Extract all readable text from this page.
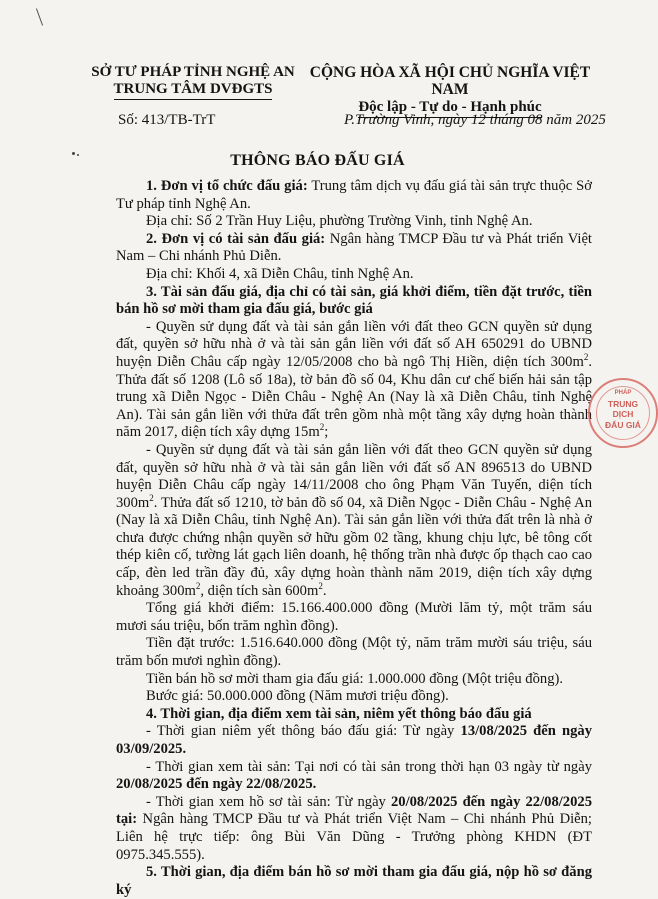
SỞ TƯ PHÁP TỈNH NGHỆ AN
TRUNG TÂM DVĐGTS
CỘNG HÒA XÃ HỘI CHỦ NGHĨA VIỆT NAM
Độc lập - Tự do - Hạnh phúc
Số: 413/TB-TrT	P.Trường Vinh, ngày 12 tháng 08 năm 2025
THÔNG BÁO ĐẤU GIÁ

1. Đơn vị tổ chức đấu giá: Trung tâm dịch vụ đấu giá tài sản trực thuộc Sở Tư pháp tỉnh Nghệ An.

Địa chỉ: Số 2 Trần Huy Liệu, phường Trường Vinh, tỉnh Nghệ An.

2. Đơn vị có tài sản đấu giá: Ngân hàng TMCP Đầu tư và Phát triển Việt Nam – Chi nhánh Phủ Diễn.

Địa chỉ: Khối 4, xã Diễn Châu, tỉnh Nghệ An.

3. Tài sản đấu giá, địa chỉ có tài sản, giá khởi điểm, tiền đặt trước, tiền bán hồ sơ mời tham gia đấu giá, bước giá

- Quyền sử dụng đất và tài sản gắn liền với đất theo GCN quyền sử dụng đất, quyền sở hữu nhà ở và tài sản gắn liền với đất số AH 650291 do UBND huyện Diễn Châu cấp ngày 12/05/2008 cho bà ngô Thị Hiền, diện tích $300m^2$. Thửa đất số 1208 (Lô số 18a), tờ bản đồ số 04, Khu dân cư chế biến hải sản tập trung xã Diễn Ngọc - Diễn Châu - Nghệ An (Nay là xã Diễn Châu, tỉnh Nghệ An). Tài sản gắn liền với thửa đất trên gồm nhà một tầng xây dựng hoàn thành năm 2017, diện tích xây dựng $15m^2$;

- Quyền sử dụng đất và tài sản gắn liền với đất theo GCN quyền sử dụng đất, quyền sở hữu nhà ở và tài sản gắn liền với đất số AN 896513 do UBND huyện Diễn Châu cấp ngày 14/11/2008 cho ông Phạm Văn Tuyến, diện tích $300m^2$. Thửa đất số 1210, tờ bản đồ số 04, xã Diễn Ngọc - Diễn Châu - Nghệ An (Nay là xã Diễn Châu, tỉnh Nghệ An). Tài sản gắn liền với thửa đất trên là nhà ở chưa được chứng nhận quyền sở hữu gồm 02 tầng, khung chịu lực, bê tông cốt thép kiên cố, tường lát gạch liên doanh, hệ thống trần nhà được ốp thạch cao cao cấp, đèn led trần đầy đủ, xây dựng hoàn thành năm 2019, diện tích xây dựng khoảng $300m^2$, diện tích sàn $600m^2$.

Tổng giá khởi điểm: 15.166.400.000 đồng (Mười lăm tỷ, một trăm sáu mươi sáu triệu, bốn trăm nghìn đồng).

Tiền đặt trước: 1.516.640.000 đồng (Một tỷ, năm trăm mười sáu triệu, sáu trăm bốn mươi nghìn đồng).

Tiền bán hồ sơ mời tham gia đấu giá: 1.000.000 đồng (Một triệu đồng).

Bước giá: 50.000.000 đồng (Năm mươi triệu đồng).

4. Thời gian, địa điểm xem tài sản, niêm yết thông báo đấu giá

- Thời gian niêm yết thông báo đấu giá: Từ ngày 13/08/2025 đến ngày 03/09/2025.

- Thời gian xem tài sản: Tại nơi có tài sản trong thời hạn 03 ngày từ ngày 20/08/2025 đến ngày 22/08/2025.

- Thời gian xem hồ sơ tài sản: Từ ngày 20/08/2025 đến ngày 22/08/2025 tại: Ngân hàng TMCP Đầu tư và Phát triển Việt Nam – Chi nhánh Phủ Diễn; Liên hệ trực tiếp: ông Bùi Văn Dũng - Trưởng phòng KHDN (ĐT 0975.345.555).

5. Thời gian, địa điểm bán hồ sơ mời tham gia đấu giá, nộp hồ sơ đăng ký

PHÁP
TRUNG
DỊCH
ĐẤU GIÁ
